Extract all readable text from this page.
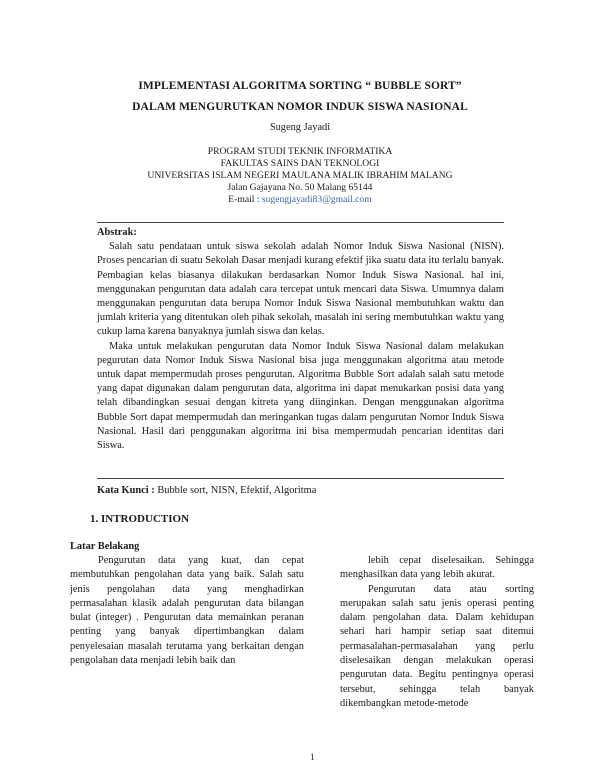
IMPLEMENTASI ALGORITMA SORTING “ BUBBLE SORT”
DALAM MENGURUTKAN NOMOR INDUK SISWA NASIONAL
Sugeng Jayadi
PROGRAM STUDI TEKNIK INFORMATIKA
FAKULTAS SAINS DAN TEKNOLOGI
UNIVERSITAS ISLAM NEGERI MAULANA MALIK IBRAHIM MALANG
Jalan Gajayana No. 50 Malang 65144
E-mail : sugengjayadi83@gmail.com
Abstrak:

Salah satu pendataan untuk siswa sekolah adalah Nomor Induk Siswa Nasional (NISN). Proses pencarian di suatu Sekolah Dasar menjadi kurang efektif jika suatu data itu terlalu banyak. Pembagian kelas biasanya dilakukan berdasarkan Nomor Induk Siswa Nasional. hal ini, menggunakan pengurutan data adalah cara tercepat untuk mencari data Siswa. Umumnya dalam menggunakan pengurutan data berupa Nomor Induk Siswa Nasional membutuhkan waktu dan jumlah kriteria yang ditentukan oleh pihak sekolah, masalah ini sering membutuhkan waktu yang cukup lama karena banyaknya jumlah siswa dan kelas.

Maka untuk melakukan pengurutan data Nomor Induk Siswa Nasional dalam melakukan pegurutan data Nomor Induk Siswa Nasional bisa juga menggunakan algoritma atau metode untuk dapat mempermudah proses pengurutan. Algoritma Bubble Sort adalah salah satu metode yang dapat digunakan dalam pengurutan data, algoritma ini dapat menukarkan posisi data yang telah dibandingkan sesuai dengan kitreta yang diinginkan. Dengan menggunakan algoritma Bubble Sort dapat mempermudah dan meringankan tugas dalam pengurutan Nomor Induk Siswa Nasional. Hasil dari penggunakan algoritma ini bisa mempermudah pencarian identitas dari Siswa.

Kata Kunci : Bubble sort, NISN, Efektif, Algoritma
1. INTRODUCTION
Latar Belakang

Pengurutan data yang kuat, dan cepat membutuhkan pengolahan data yang baik. Salah satu jenis pengolahan data yang menghadirkan permasalahan klasik adalah pengurutan data bilangan bulat (integer) . Pengurutan data memainkan peranan penting yang banyak dipertimbangkan dalam penyelesaian masalah terutama yang berkaitan dengan pengolahan data menjadi lebih baik dan

lebih cepat diselesaikan. Sehingga menghasilkan data yang lebih akurat.

Pengurutan data atau sorting merupakan salah satu jenis operasi penting dalam pengolahan data. Dalam kehidupan sehari hari hampir setiap saat ditemui permasalahan-permasalahan yang perlu diselesaikan dengan melakukan operasi pengurutan data. Begitu pentingnya operasi tersebut, sehingga telah banyak dikembangkan metode-metode

1
